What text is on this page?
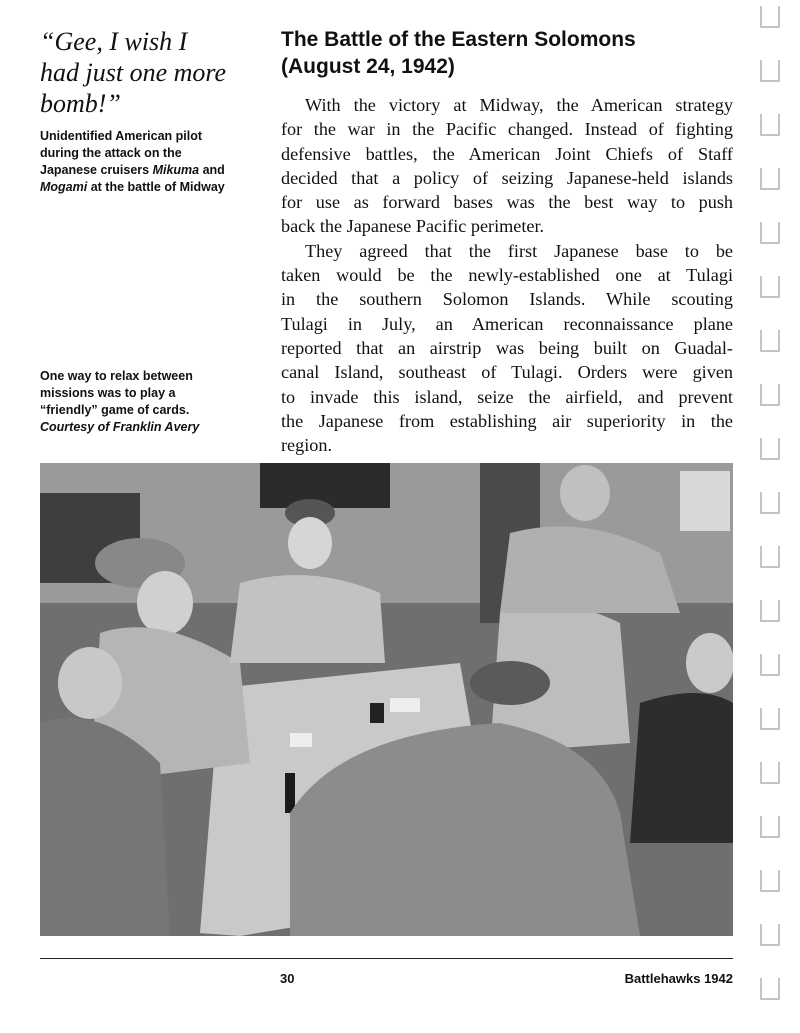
“Gee, I wish I
had just one more
bomb!”
Unidentified American pilot
during the attack on the
Japanese cruisers Mikuma and
Mogami at the battle of Midway
One way to relax between
missions was to play a
“friendly” game of cards.
Courtesy of Franklin Avery
The Battle of the Eastern Solomons
(August 24, 1942)
With the victory at Midway, the American strategy
for the war in the Pacific changed. Instead of fighting
defensive battles, the American Joint Chiefs of Staff
decided that a policy of seizing Japanese-held islands
for use as forward bases was the best way to push
back the Japanese Pacific perimeter.
They agreed that the first Japanese base to be
taken would be the newly-established one at Tulagi
in the southern Solomon Islands. While scouting
Tulagi in July, an American reconnaissance plane
reported that an airstrip was being built on Guadal-
canal Island, southeast of Tulagi. Orders were given
to invade this island, seize the airfield, and prevent
the Japanese from establishing air superiority in the
region.
30	Battlehawks 1942
